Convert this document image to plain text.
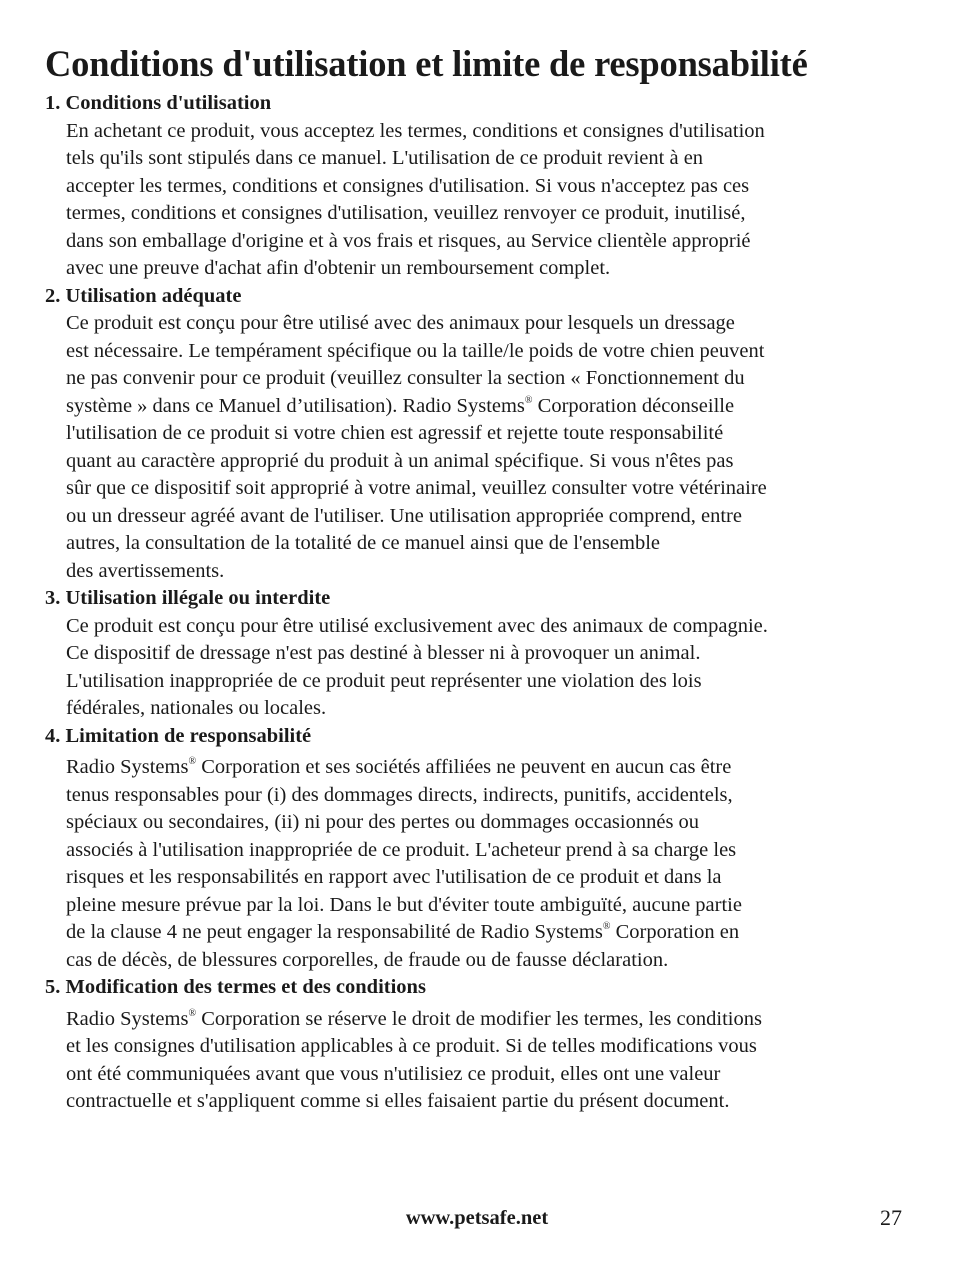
Conditions d'utilisation et limite de responsabilité
1. Conditions d'utilisation
En achetant ce produit, vous acceptez les termes, conditions et consignes d'utilisation
tels qu'ils sont stipulés dans ce manuel. L'utilisation de ce produit revient à en
accepter les termes, conditions et consignes d'utilisation. Si vous n'acceptez pas ces
termes, conditions et consignes d'utilisation, veuillez renvoyer ce produit, inutilisé,
dans son emballage d'origine et à vos frais et risques, au Service clientèle approprié
avec une preuve d'achat afin d'obtenir un remboursement complet.
2. Utilisation adéquate
Ce produit est conçu pour être utilisé avec des animaux pour lesquels un dressage
est nécessaire. Le tempérament spécifique ou la taille/le poids de votre chien peuvent
ne pas convenir pour ce produit (veuillez consulter la section « Fonctionnement du
système » dans ce Manuel d’utilisation). Radio Systems® Corporation déconseille
l'utilisation de ce produit si votre chien est agressif et rejette toute responsabilité
quant au caractère approprié du produit à un animal spécifique. Si vous n'êtes pas
sûr que ce dispositif soit approprié à votre animal, veuillez consulter votre vétérinaire
ou un dresseur agréé avant de l'utiliser. Une utilisation appropriée comprend, entre
autres, la consultation de la totalité de ce manuel ainsi que de l'ensemble
des avertissements.
3. Utilisation illégale ou interdite
Ce produit est conçu pour être utilisé exclusivement avec des animaux de compagnie.
Ce dispositif de dressage n'est pas destiné à blesser ni à provoquer un animal.
L'utilisation inappropriée de ce produit peut représenter une violation des lois
fédérales, nationales ou locales.
4. Limitation de responsabilité
Radio Systems® Corporation et ses sociétés affiliées ne peuvent en aucun cas être
tenus responsables pour (i) des dommages directs, indirects, punitifs, accidentels,
spéciaux ou secondaires, (ii) ni pour des pertes ou dommages occasionnés ou
associés à l'utilisation inappropriée de ce produit. L'acheteur prend à sa charge les
risques et les responsabilités en rapport avec l'utilisation de ce produit et dans la
pleine mesure prévue par la loi. Dans le but d'éviter toute ambiguïté, aucune partie
de la clause 4 ne peut engager la responsabilité de Radio Systems® Corporation en
cas de décès, de blessures corporelles, de fraude ou de fausse déclaration.
5. Modification des termes et des conditions
Radio Systems® Corporation se réserve le droit de modifier les termes, les conditions
et les consignes d'utilisation applicables à ce produit. Si de telles modifications vous
ont été communiquées avant que vous n'utilisiez ce produit, elles ont une valeur
contractuelle et s'appliquent comme si elles faisaient partie du présent document.
www.petsafe.net	27
